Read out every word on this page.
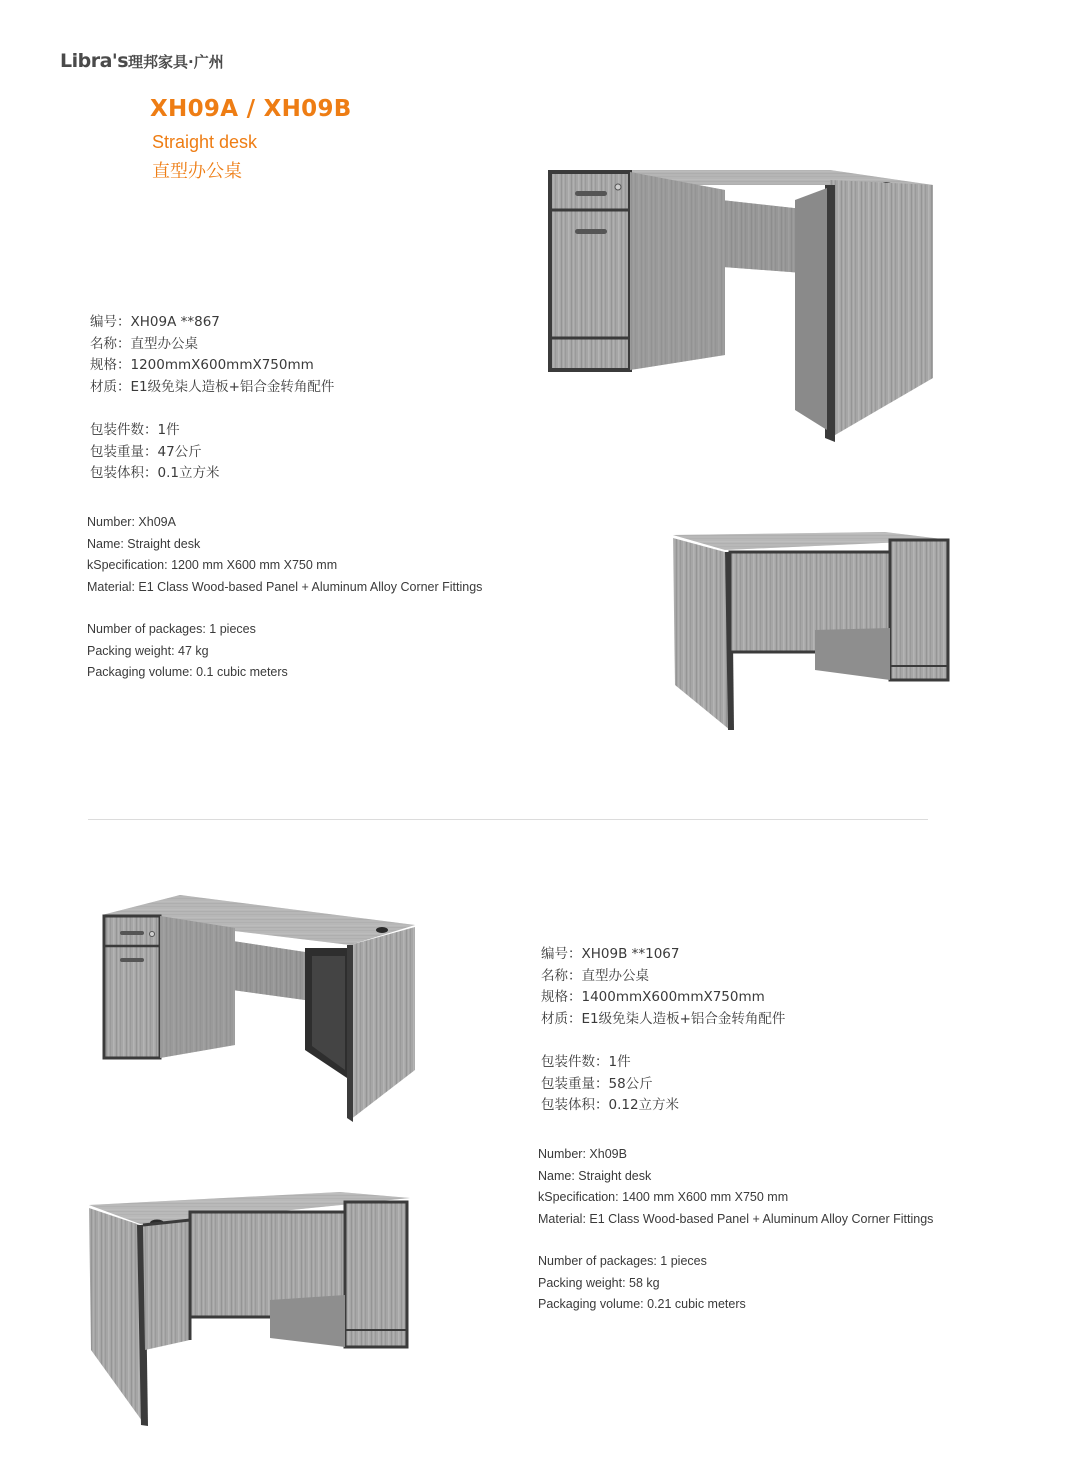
Libra's 理邦家具·广州
XH09A / XH09B
Straight desk
直型办公桌
编号：XH09A **867
名称：直型办公桌
规格：1200mmX600mmX750mm
材质：E1级免柒人造板+铝合金转角配件
包装件数：1件
包装重量：47公斤
包装体积：0.1立方米
Number: Xh09A
Name: Straight desk
kSpecification: 1200 mm X600 mm X750 mm
Material: E1 Class Wood-based Panel + Aluminum Alloy Corner Fittings
Number of packages: 1 pieces
Packing weight: 47 kg
Packaging volume: 0.1 cubic meters
编号：XH09B **1067
名称：直型办公桌
规格：1400mmX600mmX750mm
材质：E1级免柒人造板+铝合金转角配件
包装件数：1件
包装重量：58公斤
包装体积：0.12立方米
Number: Xh09B
Name: Straight desk
kSpecification: 1400 mm X600 mm X750 mm
Material: E1 Class Wood-based Panel + Aluminum Alloy Corner Fittings
Number of packages: 1 pieces
Packing weight: 58 kg
Packaging volume: 0.21 cubic meters
